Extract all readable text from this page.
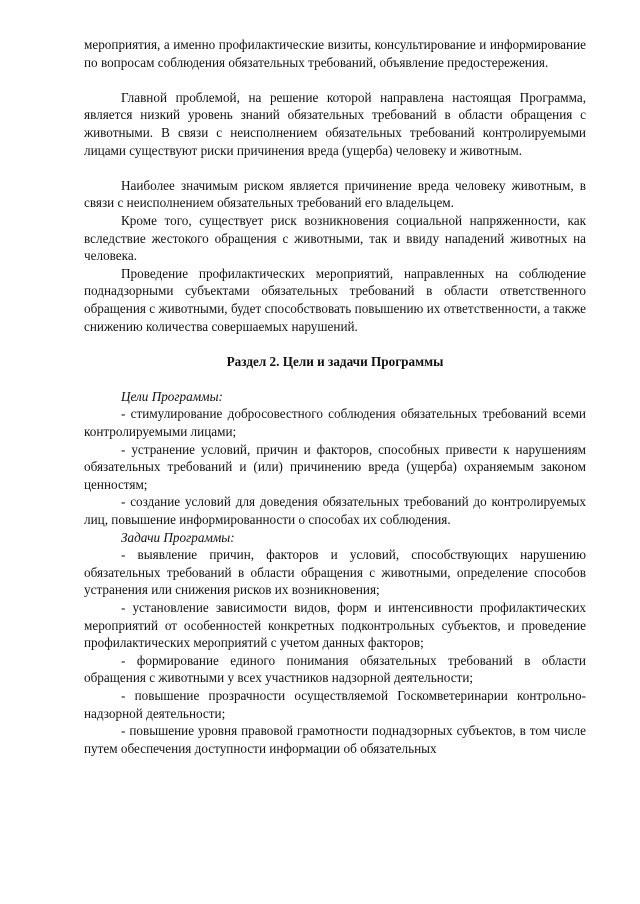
мероприятия, а именно профилактические визиты, консультирование и информирование по вопросам соблюдения обязательных требований, объявление предостережения.

Главной проблемой, на решение которой направлена настоящая Программа, является низкий уровень знаний обязательных требований в области обращения с животными. В связи с неисполнением обязательных требований контролируемыми лицами существуют риски причинения вреда (ущерба) человеку и животным.

Наиболее значимым риском является причинение вреда человеку животным, в связи с неисполнением обязательных требований его владельцем.

Кроме того, существует риск возникновения социальной напряженности, как вследствие жестокого обращения с животными, так и ввиду нападений животных на человека.

Проведение профилактических мероприятий, направленных на соблюдение поднадзорными субъектами обязательных требований в области ответственного обращения с животными, будет способствовать повышению их ответственности, а также снижению количества совершаемых нарушений.

Раздел 2. Цели и задачи Программы

Цели Программы:

- стимулирование добросовестного соблюдения обязательных требований всеми контролируемыми лицами;

- устранение условий, причин и факторов, способных привести к нарушениям обязательных требований и (или) причинению вреда (ущерба) охраняемым законом ценностям;

- создание условий для доведения обязательных требований до контролируемых лиц, повышение информированности о способах их соблюдения.

Задачи Программы:

- выявление причин, факторов и условий, способствующих нарушению обязательных требований в области обращения с животными, определение способов устранения или снижения рисков их возникновения;

- установление зависимости видов, форм и интенсивности профилактических мероприятий от особенностей конкретных подконтрольных субъектов, и проведение профилактических мероприятий с учетом данных факторов;

- формирование единого понимания обязательных требований в области обращения с животными у всех участников надзорной деятельности;

- повышение прозрачности осуществляемой Госкомветеринарии контрольно-надзорной деятельности;

- повышение уровня правовой грамотности поднадзорных субъектов, в том числе путем обеспечения доступности информации об обязательных
